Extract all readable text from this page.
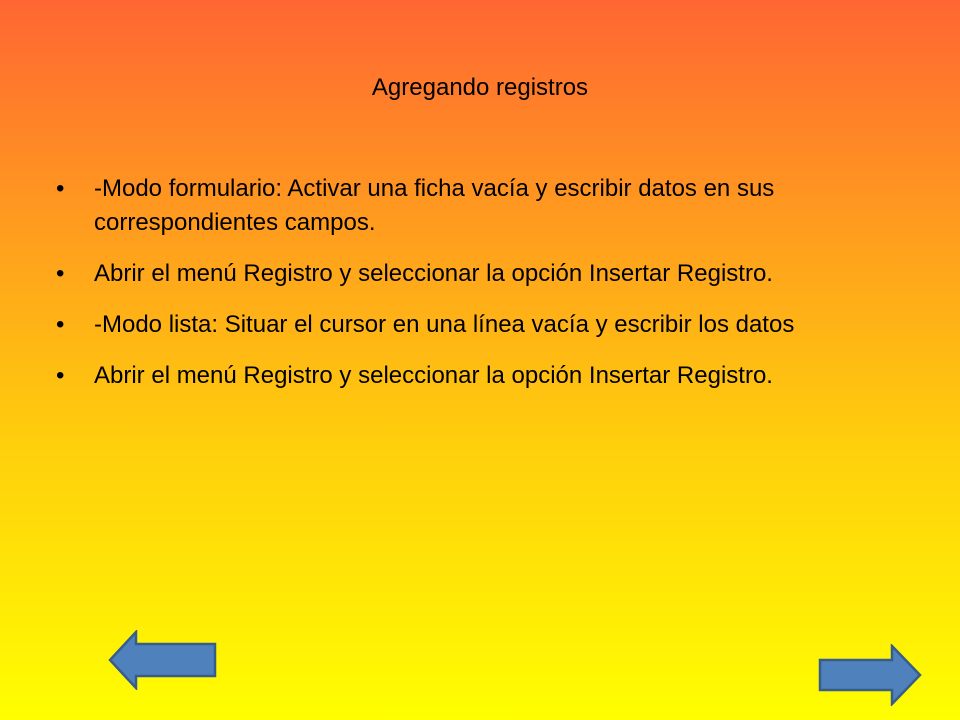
Agregando registros
• -Modo formulario: Activar una ficha vacía y escribir datos en sus correspondientes campos.
• Abrir el menú Registro y seleccionar la opción Insertar Registro.
• -Modo lista: Situar el cursor en una línea vacía y escribir los datos
• Abrir el menú Registro y seleccionar la opción Insertar Registro.
